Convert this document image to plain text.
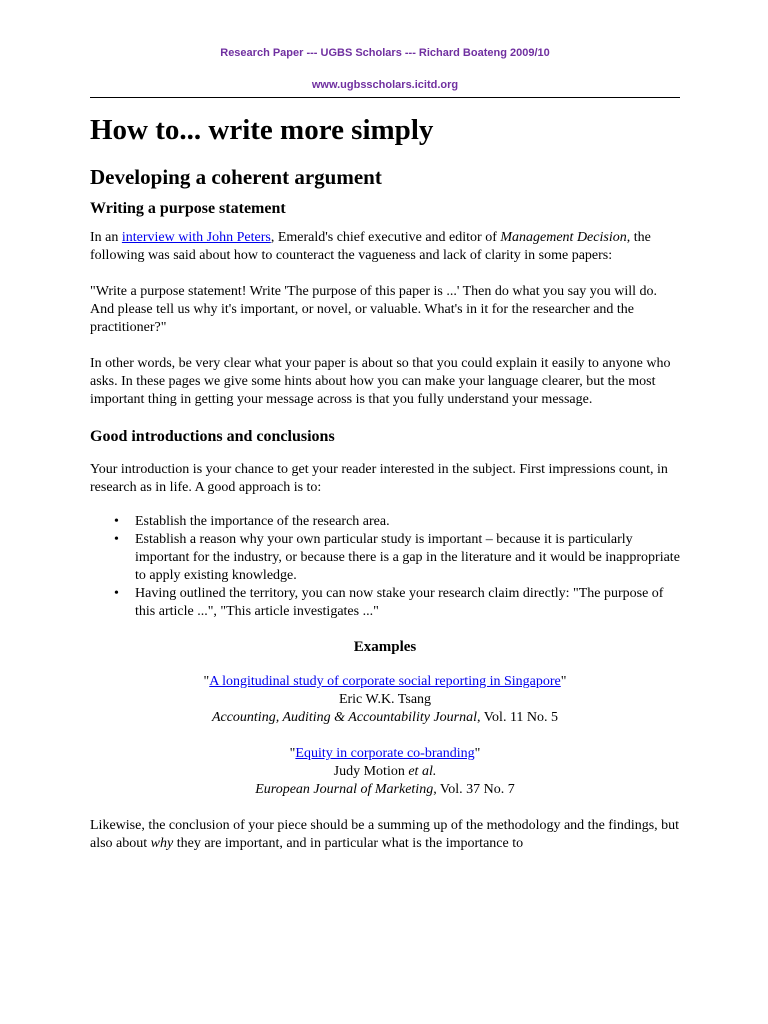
Research Paper --- UGBS Scholars --- Richard Boateng 2009/10
www.ugbsscholars.icitd.org
How to... write more simply
Developing a coherent argument
Writing a purpose statement

In an interview with John Peters, Emerald's chief executive and editor of Management Decision, the following was said about how to counteract the vagueness and lack of clarity in some papers:

"Write a purpose statement! Write 'The purpose of this paper is ...' Then do what you say you will do. And please tell us why it's important, or novel, or valuable. What's in it for the researcher and the practitioner?"

In other words, be very clear what your paper is about so that you could explain it easily to anyone who asks. In these pages we give some hints about how you can make your language clearer, but the most important thing in getting your message across is that you fully understand your message.

Good introductions and conclusions

Your introduction is your chance to get your reader interested in the subject. First impressions count, in research as in life. A good approach is to:

• Establish the importance of the research area.
• Establish a reason why your own particular study is important – because it is particularly important for the industry, or because there is a gap in the literature and it would be inappropriate to apply existing knowledge.
• Having outlined the territory, you can now stake your research claim directly: "The purpose of this article ...", "This article investigates ..."

Examples

"A longitudinal study of corporate social reporting in Singapore"

Eric W.K. Tsang

Accounting, Auditing & Accountability Journal, Vol. 11 No. 5

"Equity in corporate co-branding"

Judy Motion et al.

European Journal of Marketing, Vol. 37 No. 7

Likewise, the conclusion of your piece should be a summing up of the methodology and the findings, but also about why they are important, and in particular what is the importance to
